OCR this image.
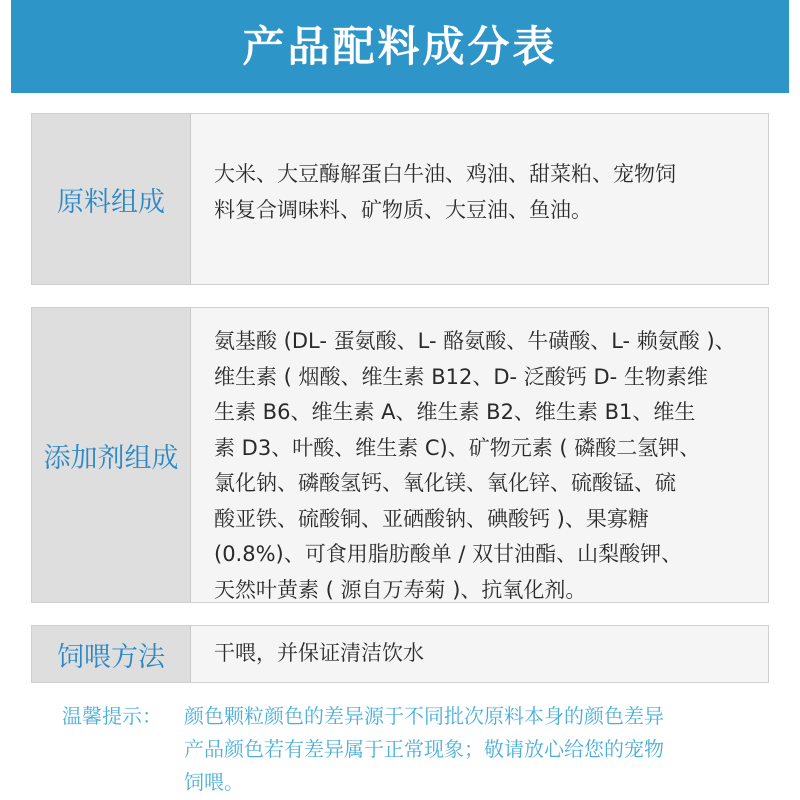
产品配料成分表
原料组成
大米、大豆酶解蛋白牛油、鸡油、甜菜粕、宠物饲
料复合调味料、矿物质、大豆油、鱼油。
添加剂组成
氨基酸 (DL- 蛋氨酸、L- 酪氨酸、牛磺酸、L- 赖氨酸 )、
维生素 ( 烟酸、维生素 B12、D- 泛酸钙 D- 生物素维
生素 B6、维生素 A、维生素 B2、维生素 B1、维生
素 D3、叶酸、维生素 C)、矿物元素 ( 磷酸二氢钾、
氯化钠、磷酸氢钙、氧化镁、氧化锌、硫酸锰、硫
酸亚铁、硫酸铜、亚硒酸钠、碘酸钙 )、果寡糖
(0.8%)、可食用脂肪酸单 / 双甘油酯、山梨酸钾、
天然叶黄素 ( 源自万寿菊 )、抗氧化剂。
饲喂方法	干喂，并保证清洁饮水
温馨提示：	颜色颗粒颜色的差异源于不同批次原料本身的颜色差异
产品颜色若有差异属于正常现象；敬请放心给您的宠物
饲喂。
